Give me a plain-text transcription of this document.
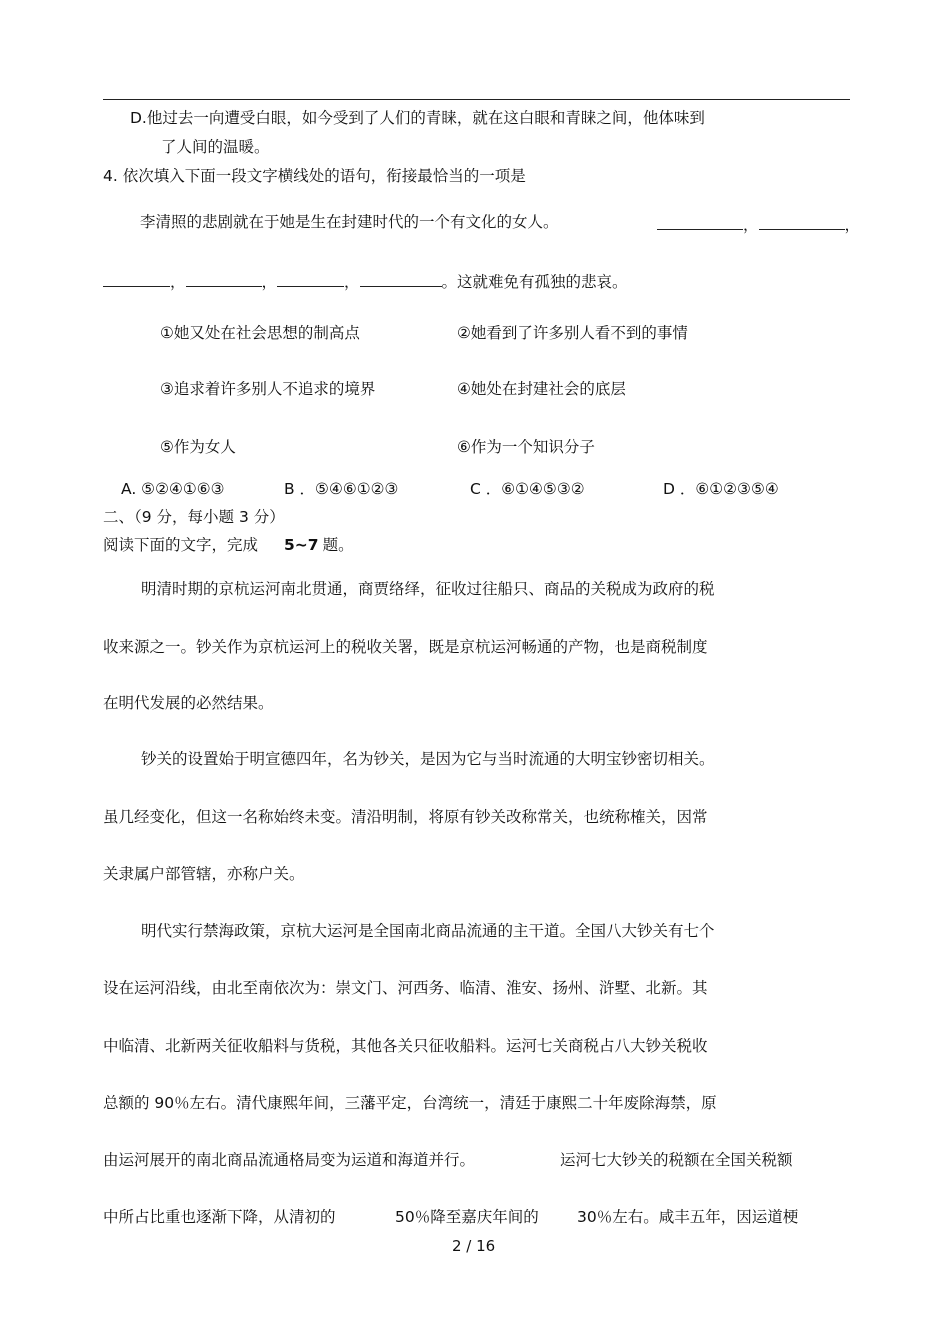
D.他过去一向遭受白眼，如今受到了人们的青睐，就在这白眼和青睐之间，他体味到
了人间的温暖。
4. 依次填入下面一段文字横线处的语句，衔接最恰当的一项是
李清照的悲剧就在于她是生在封建时代的一个有文化的女人。	，	，
，	，	，	。这就难免有孤独的悲哀。
①她又处在社会思想的制高点	②她看到了许多别人看不到的事情
③追求着许多别人不追求的境界	④她处在封建社会的底层
⑤作为女人	⑥作为一个知识分子
A. ⑤②④①⑥③	B ．⑤④⑥①②③	C ．⑥①④⑤③②	D ．⑥①②③⑤④
二、（9 分，每小题 3 分）
阅读下面的文字，完成 5~7 题。
明清时期的京杭运河南北贯通，商贾络绎，征收过往船只、商品的关税成为政府的税
收来源之一。钞关作为京杭运河上的税收关署，既是京杭运河畅通的产物，也是商税制度
在明代发展的必然结果。
钞关的设置始于明宣德四年，名为钞关，是因为它与当时流通的大明宝钞密切相关。
虽几经变化，但这一名称始终未变。清沿明制，将原有钞关改称常关，也统称榷关，因常
关隶属户部管辖，亦称户关。
明代实行禁海政策，京杭大运河是全国南北商品流通的主干道。全国八大钞关有七个
设在运河沿线，由北至南依次为：崇文门、河西务、临清、淮安、扬州、浒墅、北新。其
中临清、北新两关征收船料与货税，其他各关只征收船料。运河七关商税占八大钞关税收
总额的 90％左右。清代康熙年间，三藩平定，台湾统一，清廷于康熙二十年废除海禁，原
由运河展开的南北商品流通格局变为运道和海道并行。	运河七大钞关的税额在全国关税额
中所占比重也逐渐下降，从清初的	50％降至嘉庆年间的 30％左右。咸丰五年，因运道梗
2 / 16
